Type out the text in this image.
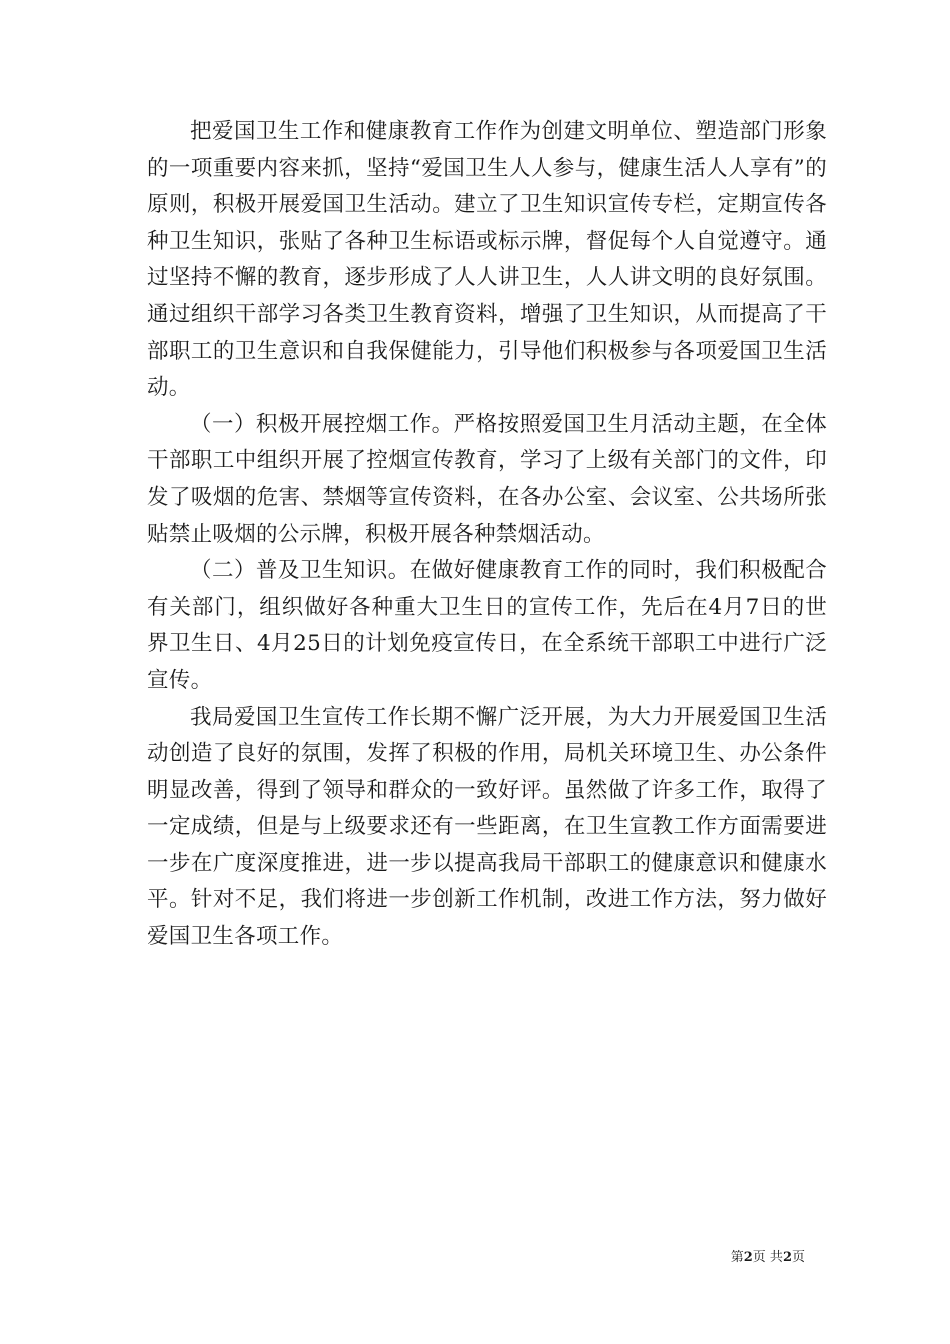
把爱国卫生工作和健康教育工作作为创建文明单位、塑造部门形象的一项重要内容来抓，坚持“爱国卫生人人参与，健康生活人人享有”的原则，积极开展爱国卫生活动。建立了卫生知识宣传专栏，定期宣传各种卫生知识，张贴了各种卫生标语或标示牌，督促每个人自觉遵守。通过坚持不懈的教育，逐步形成了人人讲卫生，人人讲文明的良好氛围。通过组织干部学习各类卫生教育资料，增强了卫生知识，从而提高了干部职工的卫生意识和自我保健能力，引导他们积极参与各项爱国卫生活动。

（一）积极开展控烟工作。严格按照爱国卫生月活动主题，在全体干部职工中组织开展了控烟宣传教育，学习了上级有关部门的文件，印发了吸烟的危害、禁烟等宣传资料，在各办公室、会议室、公共场所张贴禁止吸烟的公示牌，积极开展各种禁烟活动。

（二）普及卫生知识。在做好健康教育工作的同时，我们积极配合有关部门，组织做好各种重大卫生日的宣传工作，先后在4月7日的世界卫生日、4月25日的计划免疫宣传日，在全系统干部职工中进行广泛宣传。

我局爱国卫生宣传工作长期不懈广泛开展，为大力开展爱国卫生活动创造了良好的氛围，发挥了积极的作用，局机关环境卫生、办公条件明显改善，得到了领导和群众的一致好评。虽然做了许多工作，取得了一定成绩，但是与上级要求还有一些距离，在卫生宣教工作方面需要进一步在广度深度推进，进一步以提高我局干部职工的健康意识和健康水平。针对不足，我们将进一步创新工作机制，改进工作方法，努力做好爱国卫生各项工作。

第2页 共2页
